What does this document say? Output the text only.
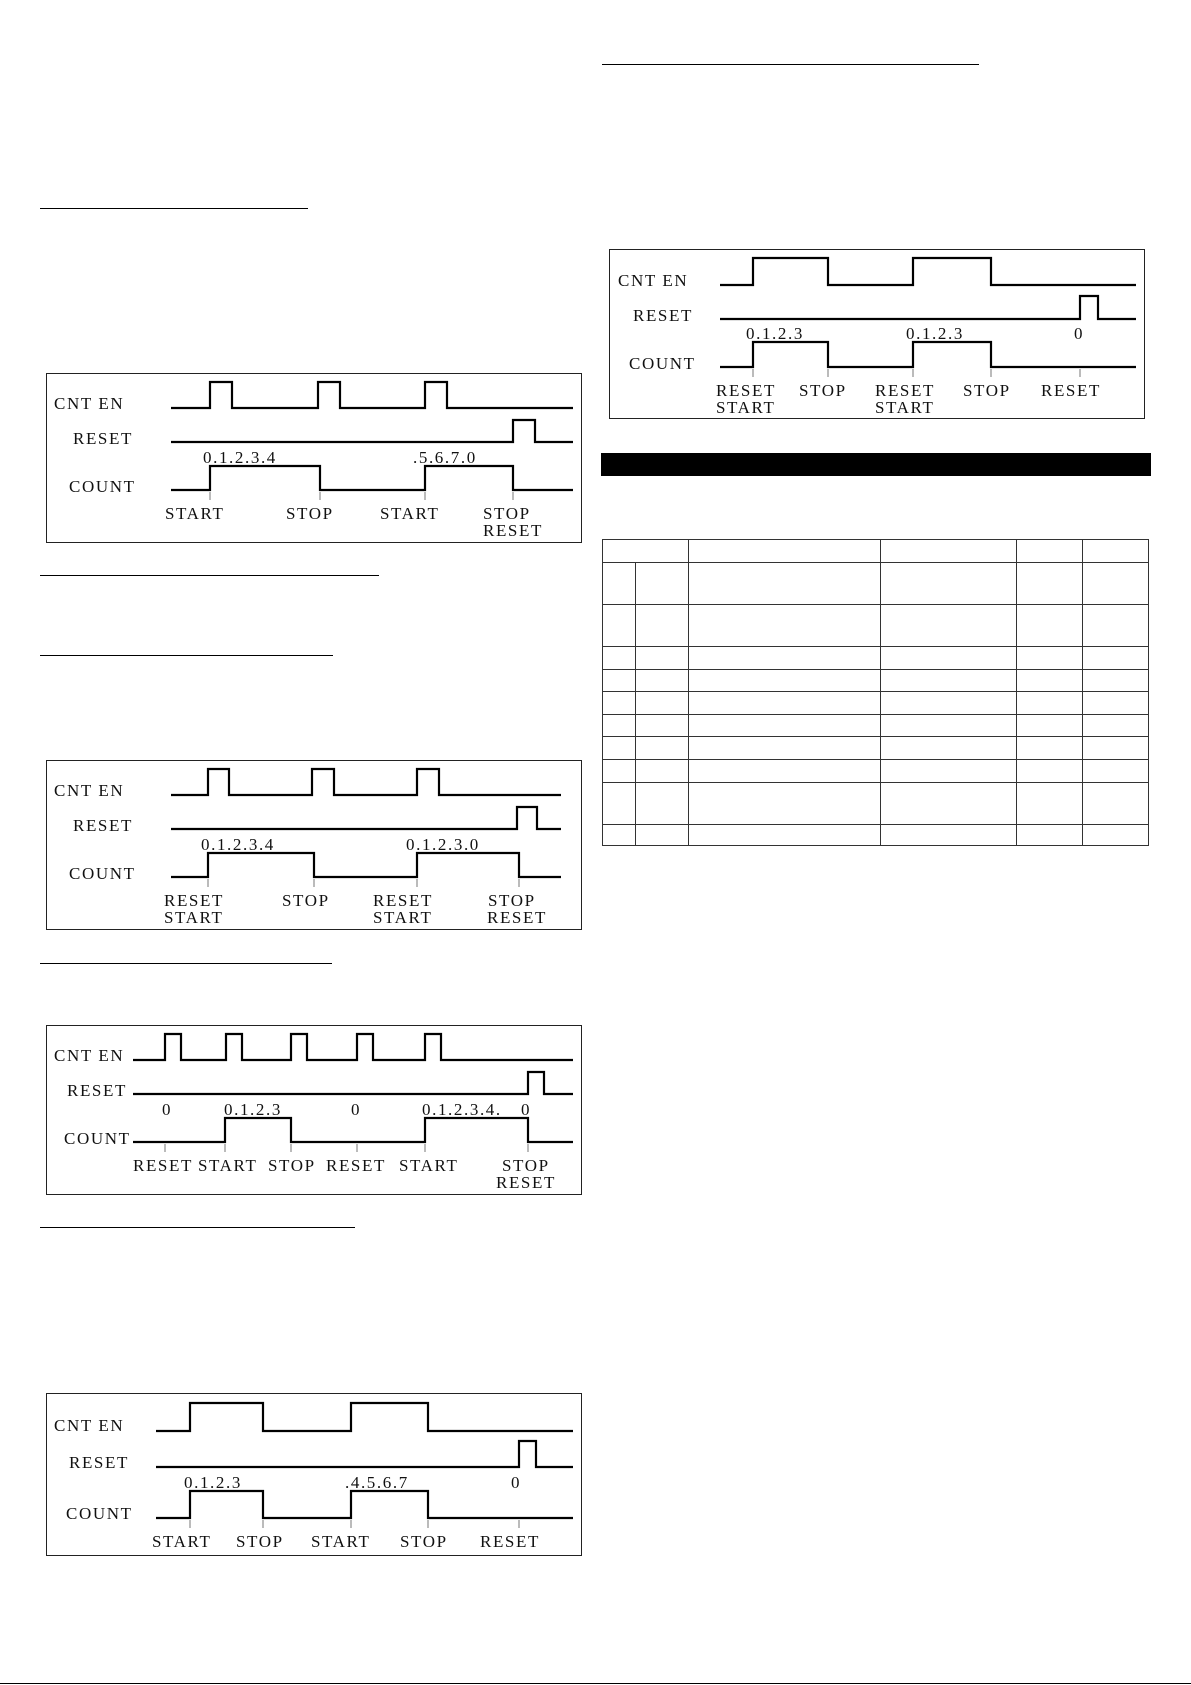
CNT EN
RESET
COUNT
0.1.2.3.4	.5.6.7.0
START	STOP	START	STOP
RESET
CNT EN
RESET
COUNT
0.1.2.3.4	0.1.2.3.0
RESET
START
STOP	RESET
START
STOP
RESET
CNT EN
RESET
COUNT
0	0.1.2.3	0	0.1.2.3.4. 0
RESET START STOP RESET START	STOP
RESET
CNT EN
RESET
COUNT
0.1.2.3	.4.5.6.7	0
START STOP START STOP RESET
CNT EN
RESET
COUNT
0.1.2.3	0.1.2.3	0
RESET
START
STOP RESET
START
STOP RESET
